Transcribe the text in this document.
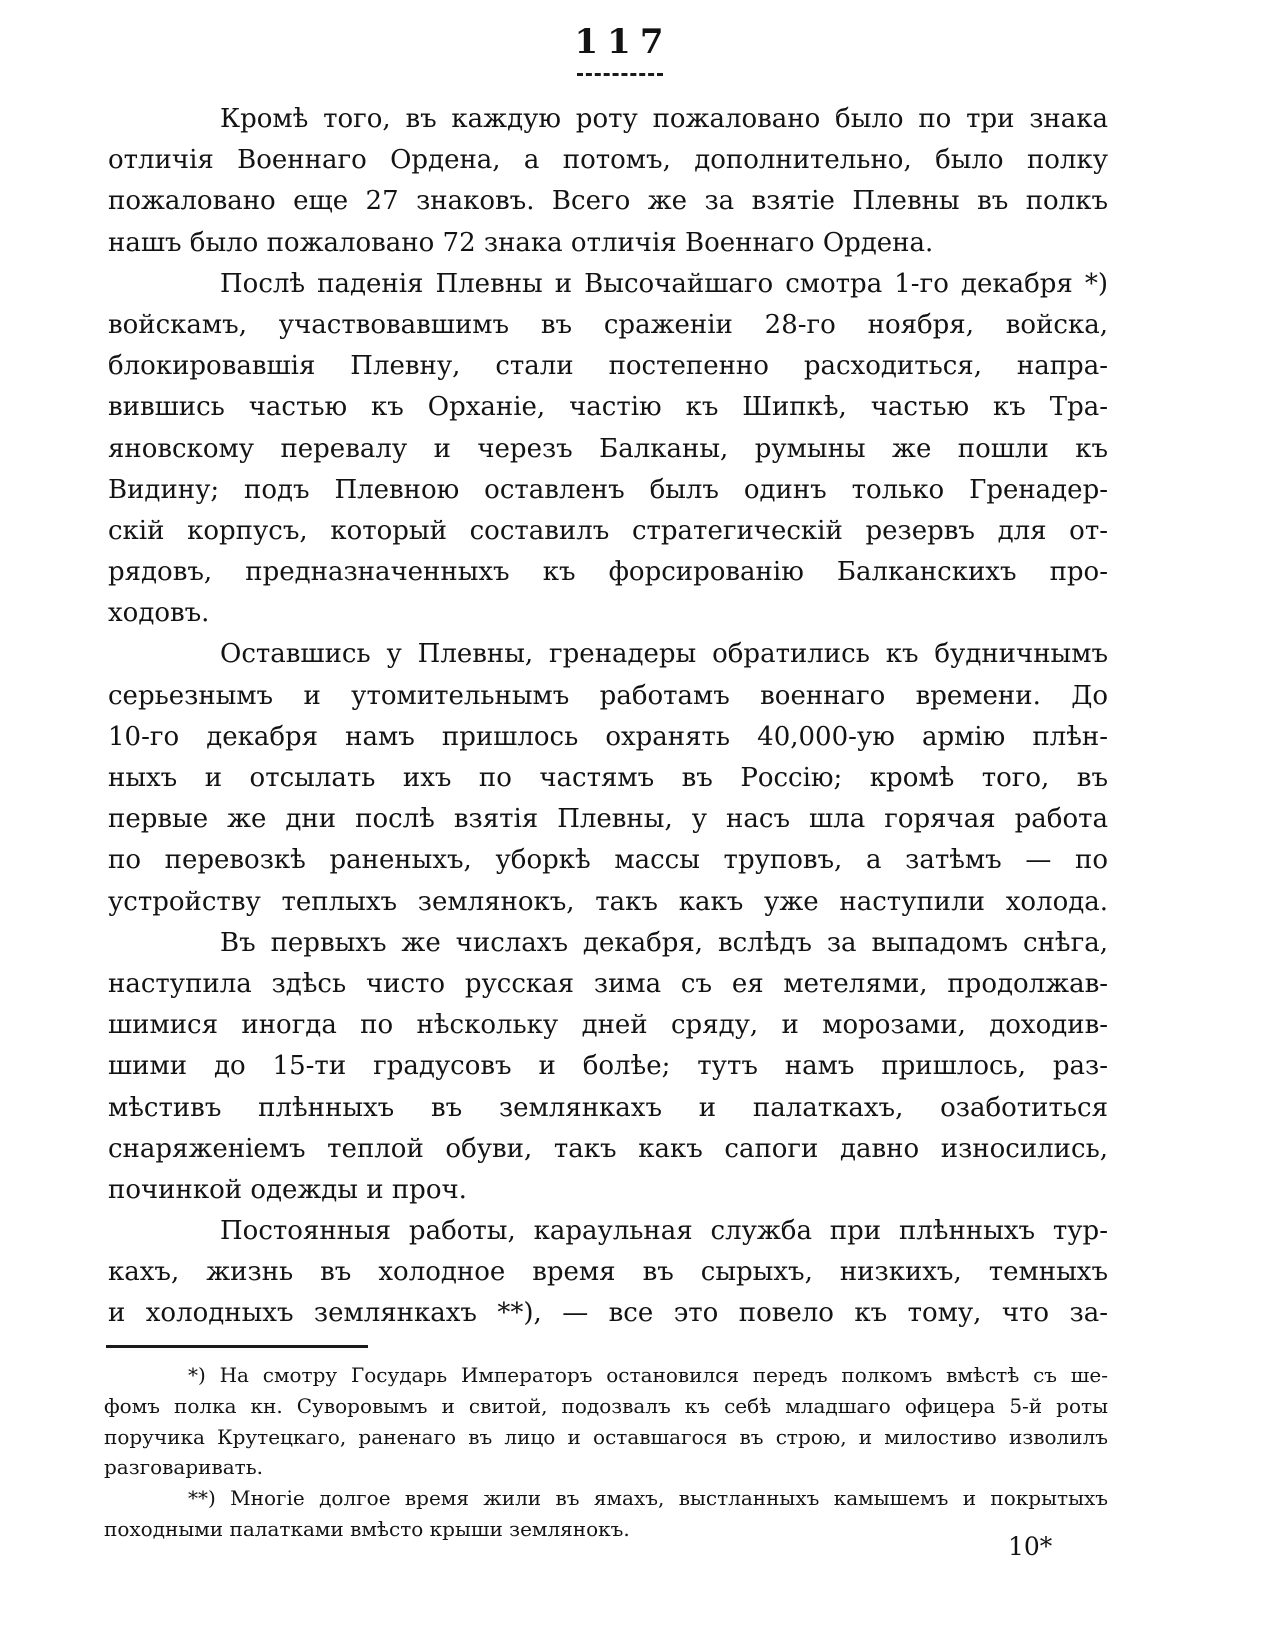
117
Кромѣ того, въ каждую роту пожаловано было по три знака
отличія Военнаго Ордена, а потомъ, дополнительно, было полку
пожаловано еще 27 знаковъ. Всего же за взятіе Плевны въ полкъ
нашъ было пожаловано 72 знака отличія Военнаго Ордена.
Послѣ паденія Плевны и Высочайшаго смотра 1-го декабря *)
войскамъ, участвовавшимъ въ сраженіи 28-го ноября, войска,
блокировавшія Плевну, стали постепенно расходиться, напра-
вившись частью къ Орханіе, частію къ Шипкѣ, частью къ Тра-
яновскому перевалу и черезъ Балканы, румыны же пошли къ
Видину; подъ Плевною оставленъ былъ одинъ только Гренадер-
скій корпусъ, который составилъ стратегическій резервъ для от-
рядовъ, предназначенныхъ къ форсированію Балканскихъ про-
ходовъ.
Оставшись у Плевны, гренадеры обратились къ будничнымъ
серьезнымъ и утомительнымъ работамъ военнаго времени. До
10-го декабря намъ пришлось охранять 40,000-ую армію плѣн-
ныхъ и отсылать ихъ по частямъ въ Россію; кромѣ того, въ
первые же дни послѣ взятія Плевны, у насъ шла горячая работа
по перевозкѣ раненыхъ, уборкѣ массы труповъ, а затѣмъ — по
устройству теплыхъ землянокъ, такъ какъ уже наступили холода.
Въ первыхъ же числахъ декабря, вслѣдъ за выпадомъ снѣга,
наступила здѣсь чисто русская зима съ ея метелями, продолжав-
шимися иногда по нѣскольку дней сряду, и морозами, доходив-
шими до 15-ти градусовъ и болѣе; тутъ намъ пришлось, раз-
мѣстивъ плѣнныхъ въ землянкахъ и палаткахъ, озаботиться
снаряженіемъ теплой обуви, такъ какъ сапоги давно износились,
починкой одежды и проч.
Постоянныя работы, караульная служба при плѣнныхъ тур-
кахъ, жизнь въ холодное время въ сырыхъ, низкихъ, темныхъ
и холодныхъ землянкахъ **), — все это повело къ тому, что за-
*) На смотру Государь Императоръ остановился передъ полкомъ вмѣстѣ съ ше-
фомъ полка кн. Суворовымъ и свитой, подозвалъ къ себѣ младшаго офицера 5-й роты
поручика Крутецкаго, раненаго въ лицо и оставшагося въ строю, и милостиво изволилъ
разговаривать.
**) Многіе долгое время жили въ ямахъ, выстланныхъ камышемъ и покрытыхъ
походными палатками вмѣсто крыши землянокъ.
10*
